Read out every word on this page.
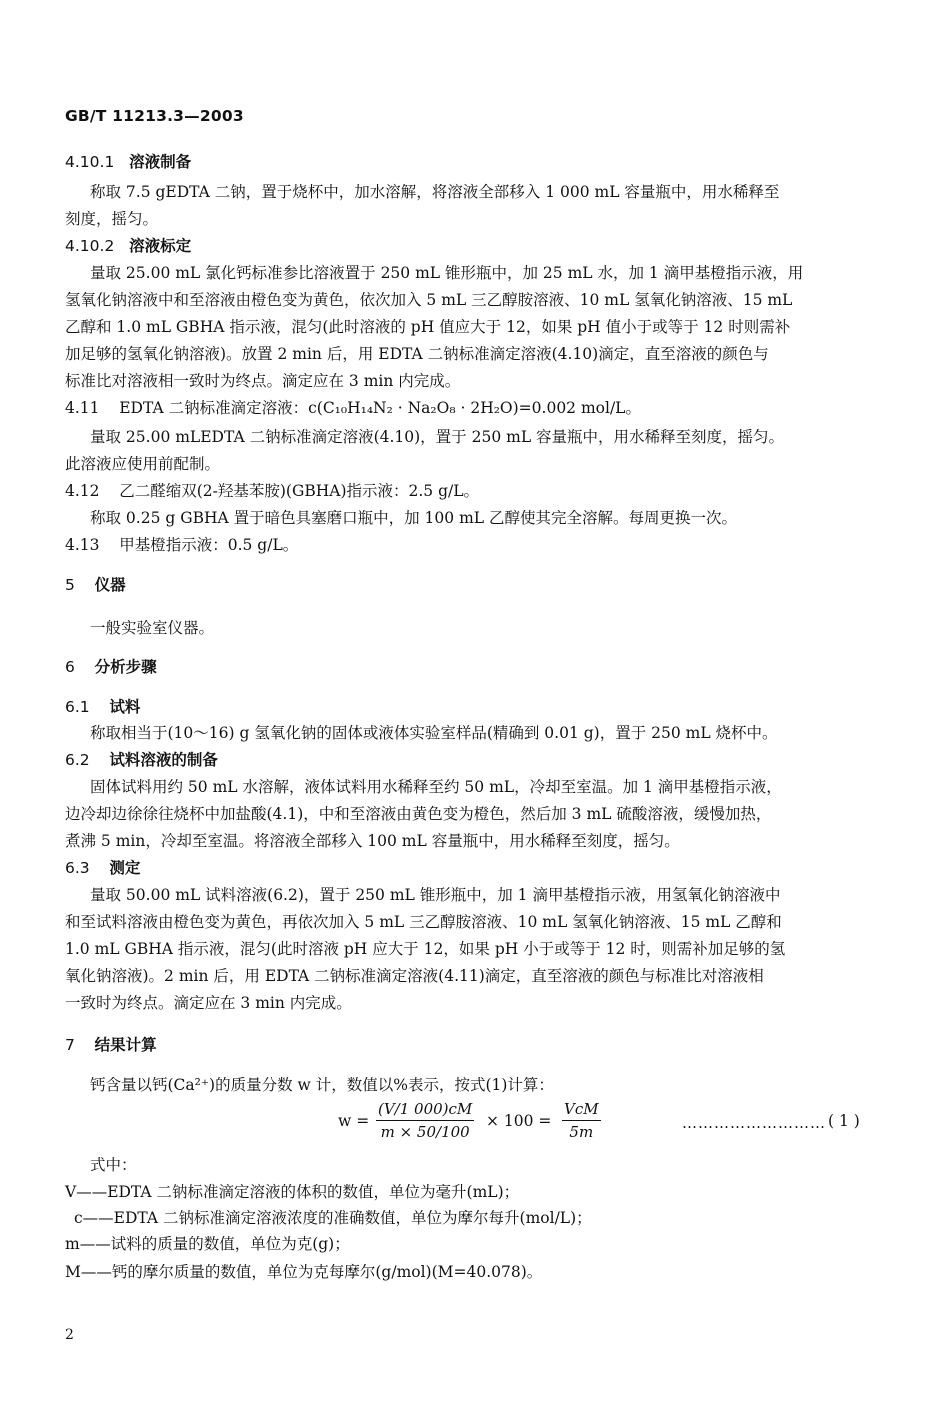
GB/T 11213.3—2003
4.10.1 溶液制备
称取 7.5 gEDTA 二钠，置于烧杯中，加水溶解，将溶液全部移入 1 000 mL 容量瓶中，用水稀释至
刻度，摇匀。
4.10.2 溶液标定
量取 25.00 mL 氯化钙标准参比溶液置于 250 mL 锥形瓶中，加 25 mL 水，加 1 滴甲基橙指示液，用
氢氧化钠溶液中和至溶液由橙色变为黄色，依次加入 5 mL 三乙醇胺溶液、10 mL 氢氧化钠溶液、15 mL
乙醇和 1.0 mL GBHA 指示液，混匀(此时溶液的 pH 值应大于 12，如果 pH 值小于或等于 12 时则需补
加足够的氢氧化钠溶液)。放置 2 min 后，用 EDTA 二钠标准滴定溶液(4.10)滴定，直至溶液的颜色与
标准比对溶液相一致时为终点。滴定应在 3 min 内完成。
4.11 EDTA 二钠标准滴定溶液：c(C₁₀H₁₄N₂ · Na₂O₈ · 2H₂O)=0.002 mol/L。
量取 25.00 mLEDTA 二钠标准滴定溶液(4.10)，置于 250 mL 容量瓶中，用水稀释至刻度，摇匀。
此溶液应使用前配制。
4.12 乙二醛缩双(2-羟基苯胺)(GBHA)指示液：2.5 g/L。
称取 0.25 g GBHA 置于暗色具塞磨口瓶中，加 100 mL 乙醇使其完全溶解。每周更换一次。
4.13 甲基橙指示液：0.5 g/L。
5 仪器
一般实验室仪器。
6 分析步骤
6.1 试料
称取相当于(10～16) g 氢氧化钠的固体或液体实验室样品(精确到 0.01 g)，置于 250 mL 烧杯中。
6.2 试料溶液的制备
固体试料用约 50 mL 水溶解，液体试料用水稀释至约 50 mL，冷却至室温。加 1 滴甲基橙指示液，
边冷却边徐徐往烧杯中加盐酸(4.1)，中和至溶液由黄色变为橙色，然后加 3 mL 硫酸溶液，缓慢加热，
煮沸 5 min，冷却至室温。将溶液全部移入 100 mL 容量瓶中，用水稀释至刻度，摇匀。
6.3 测定
量取 50.00 mL 试料溶液(6.2)，置于 250 mL 锥形瓶中，加 1 滴甲基橙指示液，用氢氧化钠溶液中
和至试料溶液由橙色变为黄色，再依次加入 5 mL 三乙醇胺溶液、10 mL 氢氧化钠溶液、15 mL 乙醇和
1.0 mL GBHA 指示液，混匀(此时溶液 pH 应大于 12，如果 pH 小于或等于 12 时，则需补加足够的氢
氧化钠溶液)。2 min 后，用 EDTA 二钠标准滴定溶液(4.11)滴定，直至溶液的颜色与标准比对溶液相
一致时为终点。滴定应在 3 min 内完成。
7 结果计算
钙含量以钙(Ca²⁺)的质量分数 w 计，数值以%表示，按式(1)计算：
$w = \frac{(V/1 000)cM}{m \times 50/100} \times 100$ =
VcM
5m	……………………… ( 1 )
式中：
V——EDTA 二钠标准滴定溶液的体积的数值，单位为毫升(mL)；
c——EDTA 二钠标准滴定溶液浓度的准确数值，单位为摩尔每升(mol/L)；
m——试料的质量的数值，单位为克(g)；
M——钙的摩尔质量的数值，单位为克每摩尔(g/mol)(M=40.078)。
2
